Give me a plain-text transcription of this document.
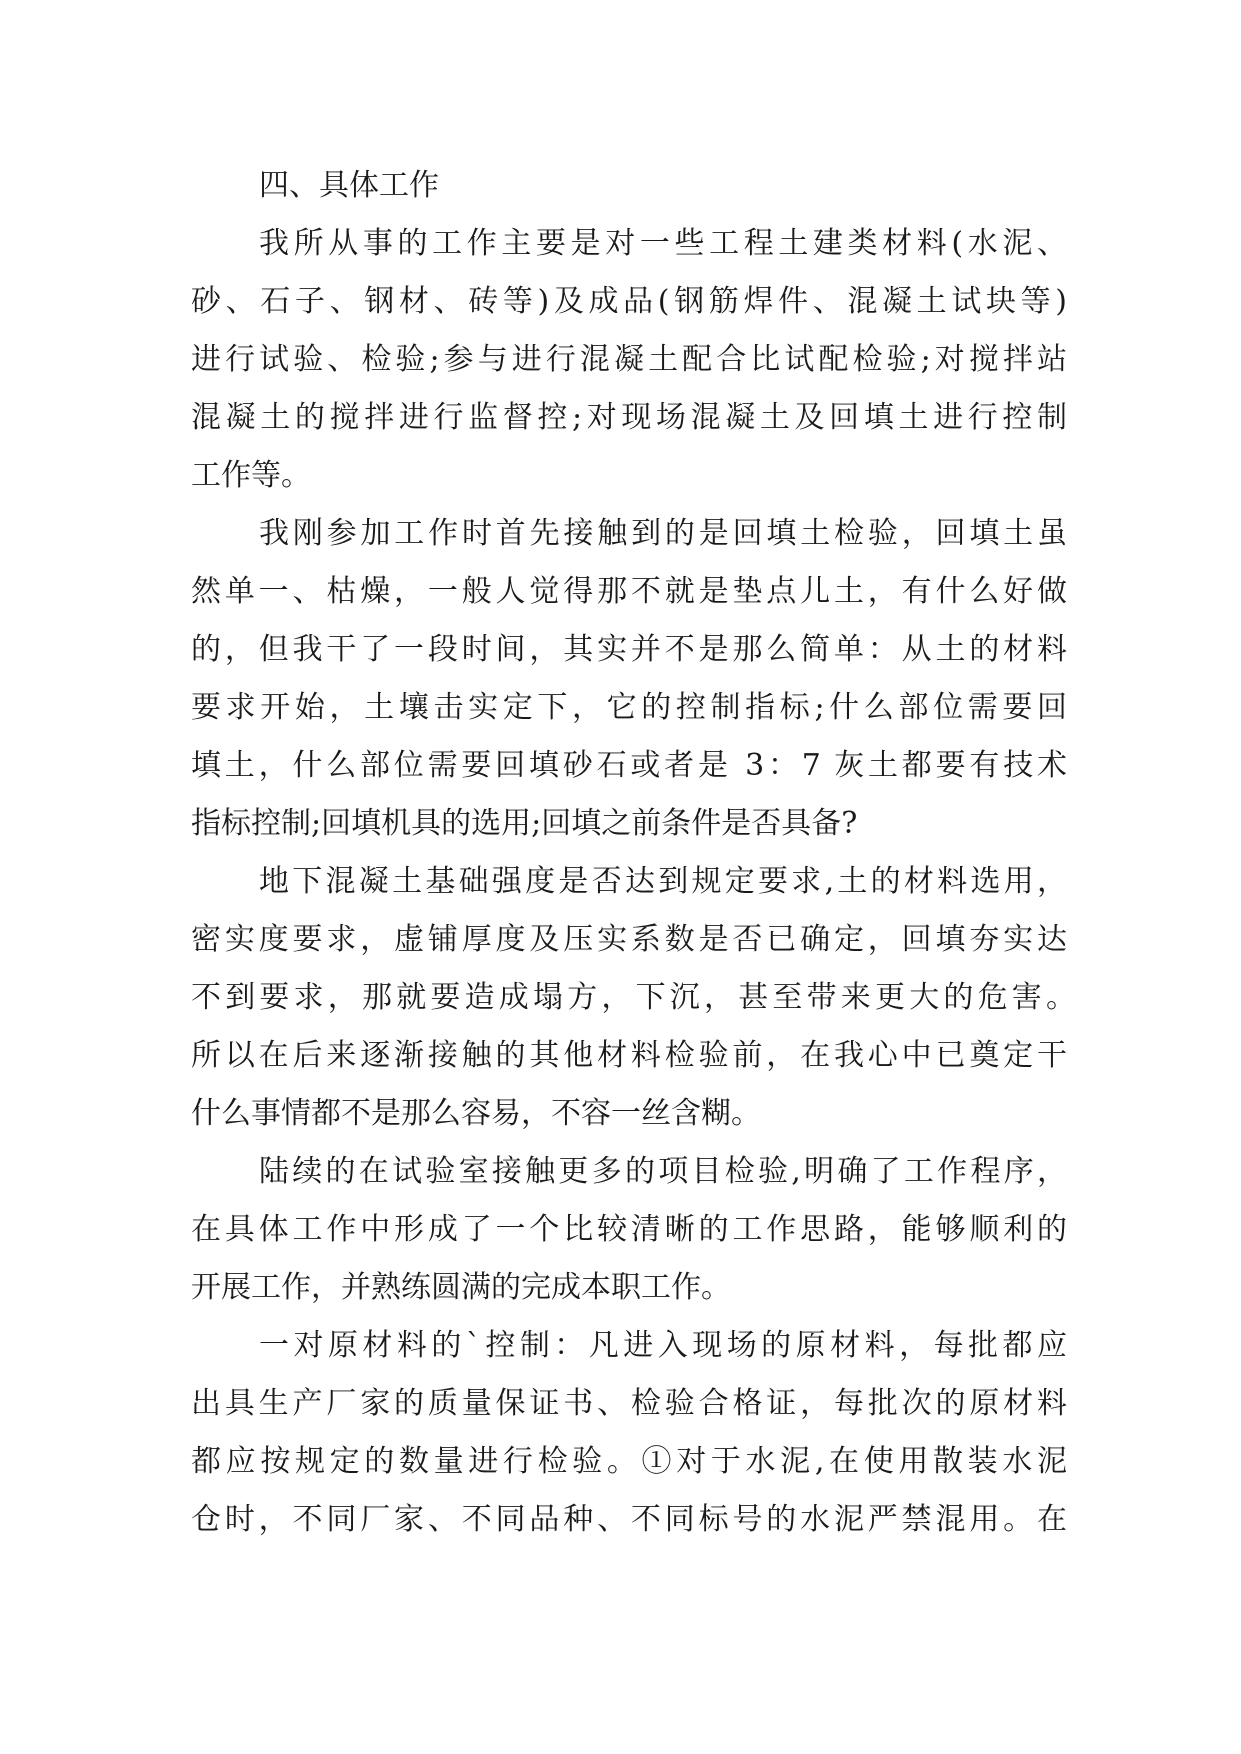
四、具体工作
我所从事的工作主要是对一些工程土建类材料(水泥、
砂、石子、钢材、砖等)及成品(钢筋焊件、混凝土试块等)
进行试验、检验;参与进行混凝土配合比试配检验;对搅拌站
混凝土的搅拌进行监督控;对现场混凝土及回填土进行控制
工作等。
我刚参加工作时首先接触到的是回填土检验，回填土虽
然单一、枯燥，一般人觉得那不就是垫点儿土，有什么好做
的，但我干了一段时间，其实并不是那么简单：从土的材料
要求开始，土壤击实定下，它的控制指标;什么部位需要回
填土，什么部位需要回填砂石或者是 3：7 灰土都要有技术
指标控制;回填机具的选用;回填之前条件是否具备?
地下混凝土基础强度是否达到规定要求,土的材料选用，
密实度要求，虚铺厚度及压实系数是否已确定，回填夯实达
不到要求，那就要造成塌方，下沉，甚至带来更大的危害。
所以在后来逐渐接触的其他材料检验前，在我心中已奠定干
什么事情都不是那么容易，不容一丝含糊。
陆续的在试验室接触更多的项目检验,明确了工作程序，
在具体工作中形成了一个比较清晰的工作思路，能够顺利的
开展工作，并熟练圆满的完成本职工作。
一对原材料的`控制：凡进入现场的原材料，每批都应
出具生产厂家的质量保证书、检验合格证，每批次的原材料
都应按规定的数量进行检验。①对于水泥,在使用散装水泥
仓时，不同厂家、不同品种、不同标号的水泥严禁混用。在
